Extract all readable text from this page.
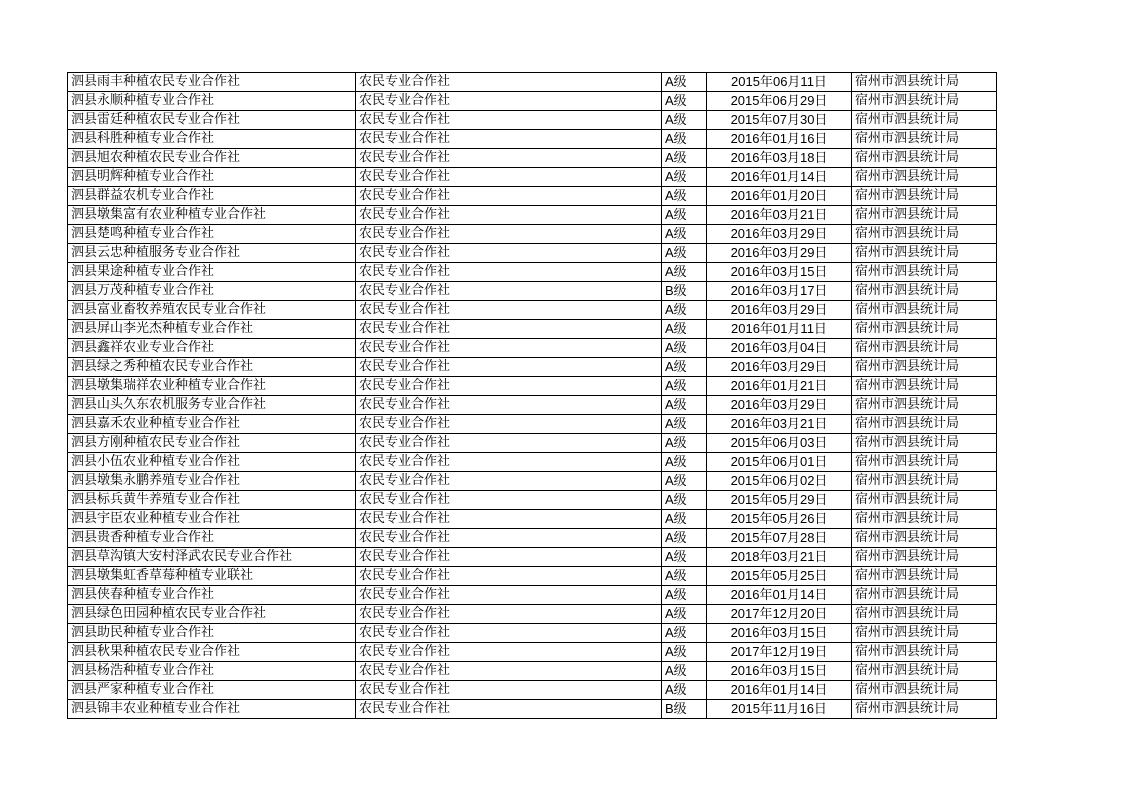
泗县雨丰种植农民专业合作社	农民专业合作社	A级	2015年06月11日	宿州市泗县统计局
泗县永顺种植专业合作社	农民专业合作社	A级	2015年06月29日	宿州市泗县统计局
泗县雷廷种植农民专业合作社	农民专业合作社	A级	2015年07月30日	宿州市泗县统计局
泗县科胜种植专业合作社	农民专业合作社	A级	2016年01月16日	宿州市泗县统计局
泗县旭农种植农民专业合作社	农民专业合作社	A级	2016年03月18日	宿州市泗县统计局
泗县明辉种植专业合作社	农民专业合作社	A级	2016年01月14日	宿州市泗县统计局
泗县群益农机专业合作社	农民专业合作社	A级	2016年01月20日	宿州市泗县统计局
泗县墩集富有农业种植专业合作社	农民专业合作社	A级	2016年03月21日	宿州市泗县统计局
泗县楚鸣种植专业合作社	农民专业合作社	A级	2016年03月29日	宿州市泗县统计局
泗县云忠种植服务专业合作社	农民专业合作社	A级	2016年03月29日	宿州市泗县统计局
泗县果途种植专业合作社	农民专业合作社	A级	2016年03月15日	宿州市泗县统计局
泗县万茂种植专业合作社	农民专业合作社	B级	2016年03月17日	宿州市泗县统计局
泗县富业畜牧养殖农民专业合作社	农民专业合作社	A级	2016年03月29日	宿州市泗县统计局
泗县屏山李光杰种植专业合作社	农民专业合作社	A级	2016年01月11日	宿州市泗县统计局
泗县鑫祥农业专业合作社	农民专业合作社	A级	2016年03月04日	宿州市泗县统计局
泗县绿之秀种植农民专业合作社	农民专业合作社	A级	2016年03月29日	宿州市泗县统计局
泗县墩集瑞祥农业种植专业合作社	农民专业合作社	A级	2016年01月21日	宿州市泗县统计局
泗县山头久东农机服务专业合作社	农民专业合作社	A级	2016年03月29日	宿州市泗县统计局
泗县嘉禾农业种植专业合作社	农民专业合作社	A级	2016年03月21日	宿州市泗县统计局
泗县方刚种植农民专业合作社	农民专业合作社	A级	2015年06月03日	宿州市泗县统计局
泗县小伍农业种植专业合作社	农民专业合作社	A级	2015年06月01日	宿州市泗县统计局
泗县墩集永鹏养殖专业合作社	农民专业合作社	A级	2015年06月02日	宿州市泗县统计局
泗县标兵黄牛养殖专业合作社	农民专业合作社	A级	2015年05月29日	宿州市泗县统计局
泗县宇臣农业种植专业合作社	农民专业合作社	A级	2015年05月26日	宿州市泗县统计局
泗县贵香种植专业合作社	农民专业合作社	A级	2015年07月28日	宿州市泗县统计局
泗县草沟镇大安村泽武农民专业合作社	农民专业合作社	A级	2018年03月21日	宿州市泗县统计局
泗县墩集虹香草莓种植专业联社	农民专业合作社	A级	2015年05月25日	宿州市泗县统计局
泗县侠春种植专业合作社	农民专业合作社	A级	2016年01月14日	宿州市泗县统计局
泗县绿色田园种植农民专业合作社	农民专业合作社	A级	2017年12月20日	宿州市泗县统计局
泗县助民种植专业合作社	农民专业合作社	A级	2016年03月15日	宿州市泗县统计局
泗县秋果种植农民专业合作社	农民专业合作社	A级	2017年12月19日	宿州市泗县统计局
泗县杨浩种植专业合作社	农民专业合作社	A级	2016年03月15日	宿州市泗县统计局
泗县严家种植专业合作社	农民专业合作社	A级	2016年01月14日	宿州市泗县统计局
泗县锦丰农业种植专业合作社	农民专业合作社	B级	2015年11月16日	宿州市泗县统计局
